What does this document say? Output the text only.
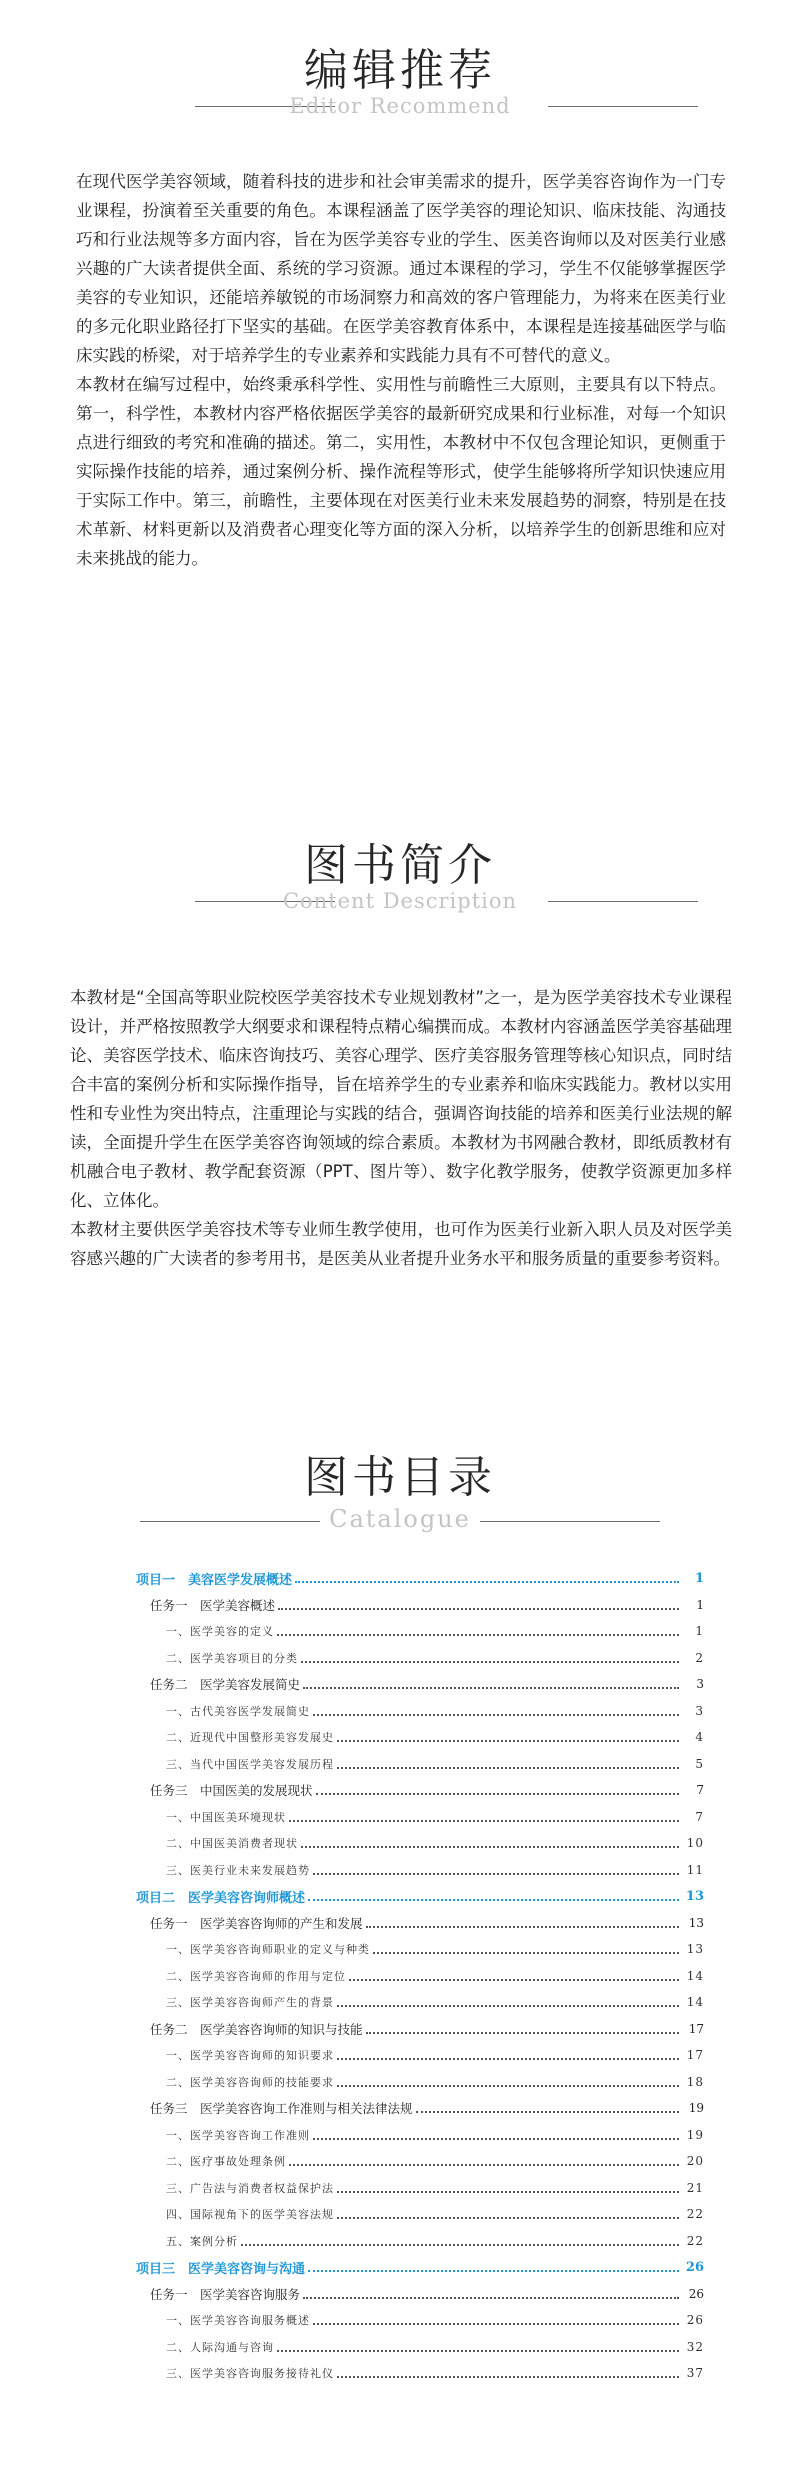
编辑推荐
Editor Recommend

在现代医学美容领域，随着科技的进步和社会审美需求的提升，医学美容咨询作为一门专业课程，扮演着至关重要的角色。本课程涵盖了医学美容的理论知识、临床技能、沟通技巧和行业法规等多方面内容，旨在为医学美容专业的学生、医美咨询师以及对医美行业感兴趣的广大读者提供全面、系统的学习资源。通过本课程的学习，学生不仅能够掌握医学美容的专业知识，还能培养敏锐的市场洞察力和高效的客户管理能力，为将来在医美行业的多元化职业路径打下坚实的基础。在医学美容教育体系中，本课程是连接基础医学与临床实践的桥梁，对于培养学生的专业素养和实践能力具有不可替代的意义。

本教材在编写过程中，始终秉承科学性、实用性与前瞻性三大原则，主要具有以下特点。第一，科学性，本教材内容严格依据医学美容的最新研究成果和行业标准，对每一个知识点进行细致的考究和准确的描述。第二，实用性，本教材中不仅包含理论知识，更侧重于实际操作技能的培养，通过案例分析、操作流程等形式，使学生能够将所学知识快速应用于实际工作中。第三，前瞻性，主要体现在对医美行业未来发展趋势的洞察，特别是在技术革新、材料更新以及消费者心理变化等方面的深入分析，以培养学生的创新思维和应对未来挑战的能力。

图书简介
Content Description

本教材是“全国高等职业院校医学美容技术专业规划教材”之一，是为医学美容技术专业课程设计，并严格按照教学大纲要求和课程特点精心编撰而成。本教材内容涵盖医学美容基础理论、美容医学技术、临床咨询技巧、美容心理学、医疗美容服务管理等核心知识点，同时结合丰富的案例分析和实际操作指导，旨在培养学生的专业素养和临床实践能力。教材以实用性和专业性为突出特点，注重理论与实践的结合，强调咨询技能的培养和医美行业法规的解读，全面提升学生在医学美容咨询领域的综合素质。本教材为书网融合教材，即纸质教材有机融合电子教材、教学配套资源（PPT、图片等）、数字化教学服务，使教学资源更加多样化、立体化。

本教材主要供医学美容技术等专业师生教学使用，也可作为医美行业新入职人员及对医学美容感兴趣的广大读者的参考用书，是医美从业者提升业务水平和服务质量的重要参考资料。

图书目录
Catalogue
项目一　美容医学发展概述	1
任务一　医学美容概述	1
一、医学美容的定义	1
二、医学美容项目的分类	2
任务二　医学美容发展简史	3
一、古代美容医学发展简史	3
二、近现代中国整形美容发展史	4
三、当代中国医学美容发展历程	5
任务三　中国医美的发展现状	7
一、中国医美环境现状	7
二、中国医美消费者现状	10
三、医美行业未来发展趋势	11
项目二　医学美容咨询师概述	13
任务一　医学美容咨询师的产生和发展	13
一、医学美容咨询师职业的定义与种类	13
二、医学美容咨询师的作用与定位	14
三、医学美容咨询师产生的背景	14
任务二　医学美容咨询师的知识与技能	17
一、医学美容咨询师的知识要求	17
二、医学美容咨询师的技能要求	18
任务三　医学美容咨询工作准则与相关法律法规	19
一、医学美容咨询工作准则	19
二、医疗事故处理条例	20
三、广告法与消费者权益保护法	21
四、国际视角下的医学美容法规	22
五、案例分析	22
项目三　医学美容咨询与沟通	26
任务一　医学美容咨询服务	26
一、医学美容咨询服务概述	26
二、人际沟通与咨询	32
三、医学美容咨询服务接待礼仪	37
